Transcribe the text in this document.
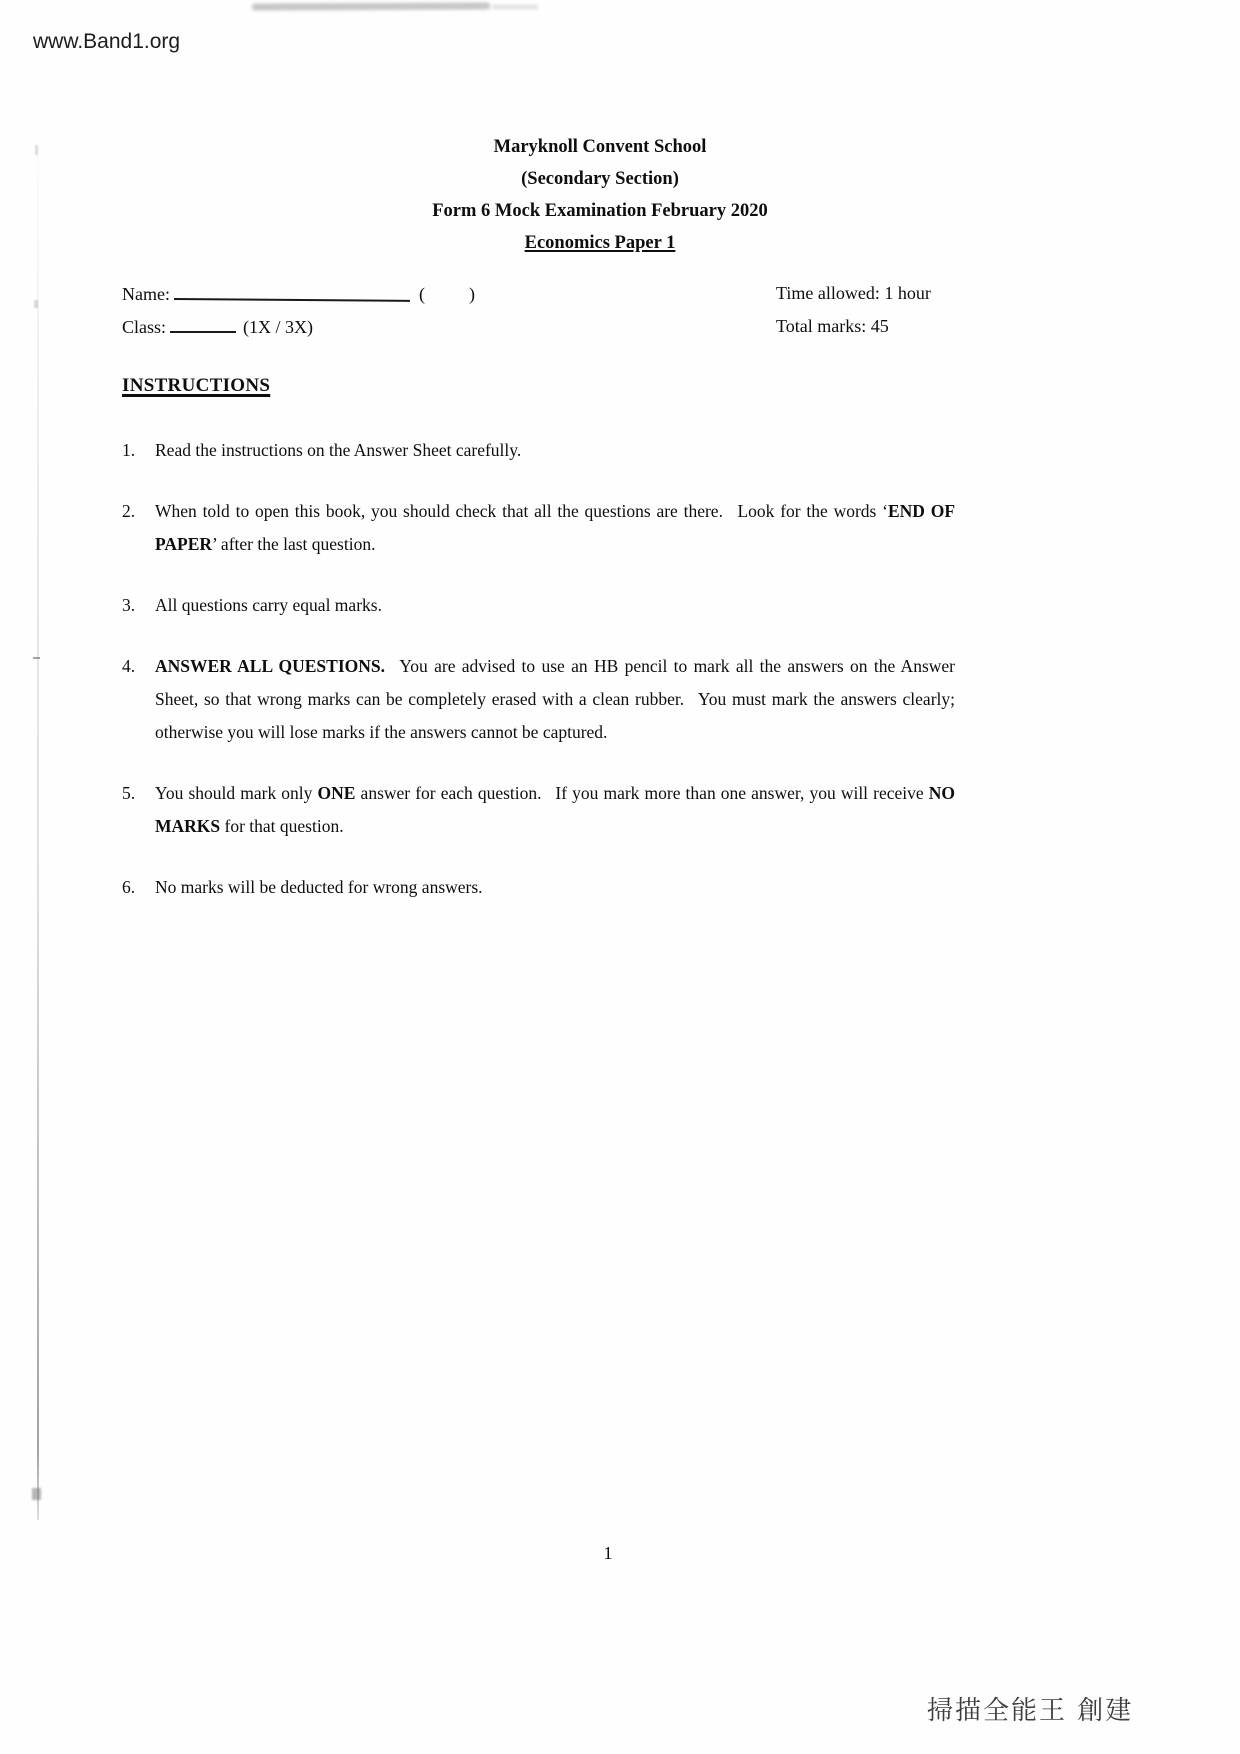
www.Band1.org
Maryknoll Convent School
(Secondary Section)
Form 6 Mock Examination February 2020
Economics Paper 1
Name:	( )	Time allowed: 1 hour
Class:	(1X / 3X)	Total marks: 45
INSTRUCTIONS
1. Read the instructions on the Answer Sheet carefully.
2. When told to open this book, you should check that all the questions are there.  Look for the words ‘END OF PAPER’ after the last question.
3. All questions carry equal marks.
4. ANSWER ALL QUESTIONS.  You are advised to use an HB pencil to mark all the answers on the Answer Sheet, so that wrong marks can be completely erased with a clean rubber.  You must mark the answers clearly; otherwise you will lose marks if the answers cannot be captured.
5. You should mark only ONE answer for each question.  If you mark more than one answer, you will receive NO MARKS for that question.
6. No marks will be deducted for wrong answers.
1
掃描全能王 創建
